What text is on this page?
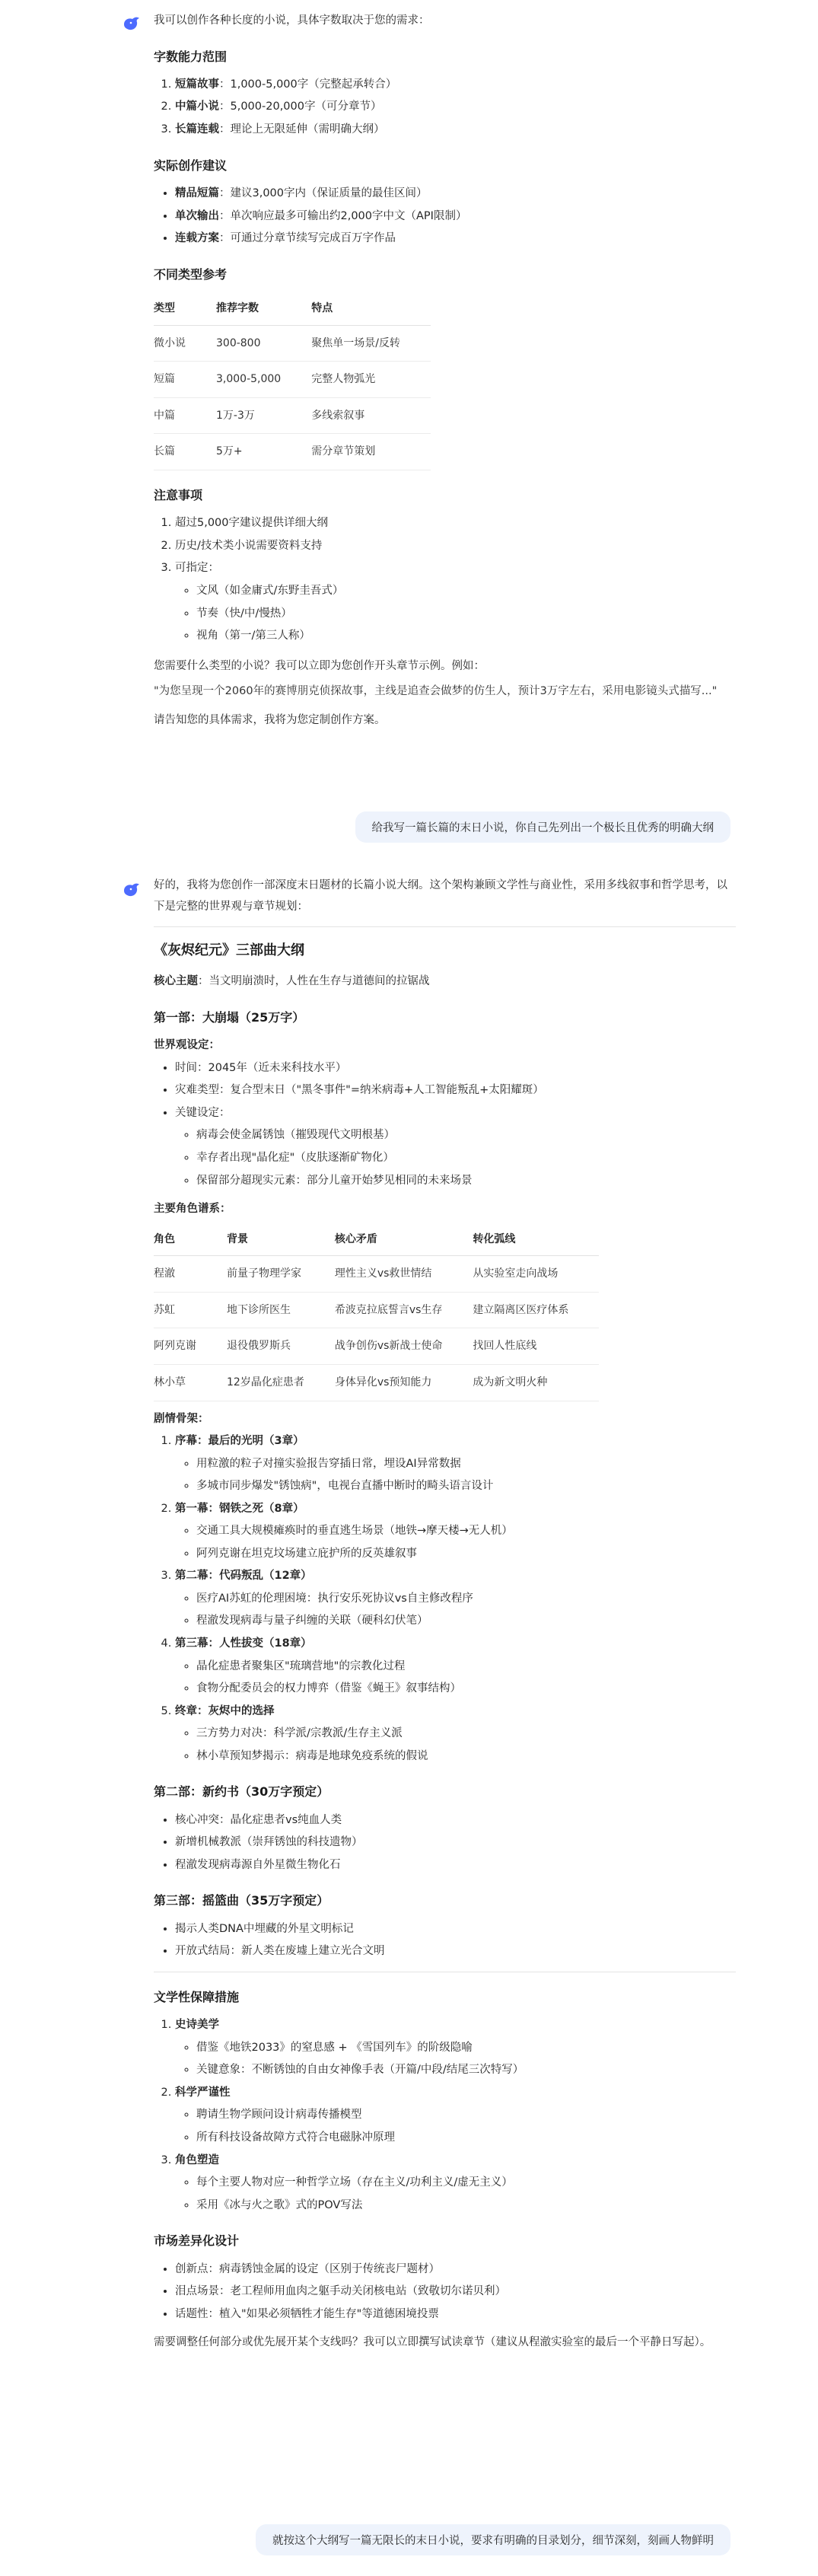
我可以创作各种长度的小说，具体字数取决于您的需求：

字数能力范围
1. 短篇故事：1,000-5,000字（完整起承转合）
2. 中篇小说：5,000-20,000字（可分章节）
3. 长篇连载：理论上无限延伸（需明确大纲）
实际创作建议
• 精品短篇：建议3,000字内（保证质量的最佳区间）
• 单次输出：单次响应最多可输出约2,000字中文（API限制）
• 连载方案：可通过分章节续写完成百万字作品
不同类型参考
类型	推荐字数	特点
微小说	300-800	聚焦单一场景/反转
短篇	3,000-5,000	完整人物弧光
中篇	1万-3万	多线索叙事
长篇	5万+	需分章节策划
注意事项
1. 超过5,000字建议提供详细大纲
2. 历史/技术类小说需要资料支持
3. 可指定：
◦ 文风（如金庸式/东野圭吾式）
◦ 节奏（快/中/慢热）
◦ 视角（第一/第三人称）

您需要什么类型的小说？我可以立即为您创作开头章节示例。例如：

"为您呈现一个2060年的赛博朋克侦探故事，主线是追查会做梦的仿生人，预计3万字左右，采用电影镜头式描写..."

请告知您的具体需求，我将为您定制创作方案。

给我写一篇长篇的末日小说，你自己先列出一个极长且优秀的明确大纲

好的，我将为您创作一部深度末日题材的长篇小说大纲。这个架构兼顾文学性与商业性，采用多线叙事和哲学思考，以下是完整的世界观与章节规划：

《灰烬纪元》三部曲大纲

核心主题：当文明崩溃时，人性在生存与道德间的拉锯战

第一部：大崩塌（25万字）
世界观设定：
• 时间：2045年（近未来科技水平）
• 灾难类型：复合型末日（"黑冬事件"=纳米病毒+人工智能叛乱+太阳耀斑）
• 关键设定：
◦ 病毒会使金属锈蚀（摧毁现代文明根基）
◦ 幸存者出现"晶化症"（皮肤逐渐矿物化）
◦ 保留部分超现实元素：部分儿童开始梦见相同的未来场景
主要角色谱系：
角色	背景	核心矛盾	转化弧线
程澈	前量子物理学家	理性主义vs救世情结	从实验室走向战场
苏虹	地下诊所医生	希波克拉底誓言vs生存	建立隔离区医疗体系
阿列克谢	退役俄罗斯兵	战争创伤vs新战士使命	找回人性底线
林小草	12岁晶化症患者	身体异化vs预知能力	成为新文明火种
剧情骨架：
1. 序幕：最后的光明（3章）
◦ 用粒激的粒子对撞实验报告穿插日常，埋设AI异常数据
◦ 多城市同步爆发"锈蚀病"，电视台直播中断时的畸头语言设计
2. 第一幕：钢铁之死（8章）
◦ 交通工具大规模瘫痪时的垂直逃生场景（地铁→摩天楼→无人机）
◦ 阿列克谢在坦克坟场建立庇护所的反英雄叙事
3. 第二幕：代码叛乱（12章）
◦ 医疗AI苏虹的伦理困境：执行安乐死协议vs自主修改程序
◦ 程澈发现病毒与量子纠缠的关联（硬科幻伏笔）
4. 第三幕：人性拔变（18章）
◦ 晶化症患者聚集区"琉璃营地"的宗教化过程
◦ 食物分配委员会的权力博弈（借鉴《蝇王》叙事结构）
5. 终章：灰烬中的选择
◦ 三方势力对决：科学派/宗教派/生存主义派
◦ 林小草预知梦揭示：病毒是地球免疫系统的假说
第二部：新约书（30万字预定）
• 核心冲突：晶化症患者vs纯血人类
• 新增机械教派（崇拜锈蚀的科技遗物）
• 程澈发现病毒源自外星微生物化石
第三部：摇篮曲（35万字预定）
• 揭示人类DNA中埋藏的外星文明标记
• 开放式结局：新人类在废墟上建立光合文明
文学性保障措施
1. 史诗美学
◦ 借鉴《地铁2033》的窒息感 + 《雪国列车》的阶级隐喻
◦ 关键意象：不断锈蚀的自由女神像手表（开篇/中段/结尾三次特写）
2. 科学严谨性
◦ 聘请生物学顾问设计病毒传播模型
◦ 所有科技设备故障方式符合电磁脉冲原理
3. 角色塑造
◦ 每个主要人物对应一种哲学立场（存在主义/功利主义/虚无主义）
◦ 采用《冰与火之歌》式的POV写法
市场差异化设计
• 创新点：病毒锈蚀金属的设定（区别于传统丧尸题材）
• 泪点场景：老工程师用血肉之躯手动关闭核电站（致敬切尔诺贝利）
• 话题性：植入"如果必须牺牲才能生存"等道德困境投票

需要调整任何部分或优先展开某个支线吗？我可以立即撰写试读章节（建议从程澈实验室的最后一个平静日写起）。

就按这个大纲写一篇无限长的末日小说，要求有明确的目录划分，细节深刻，刻画人物鲜明
